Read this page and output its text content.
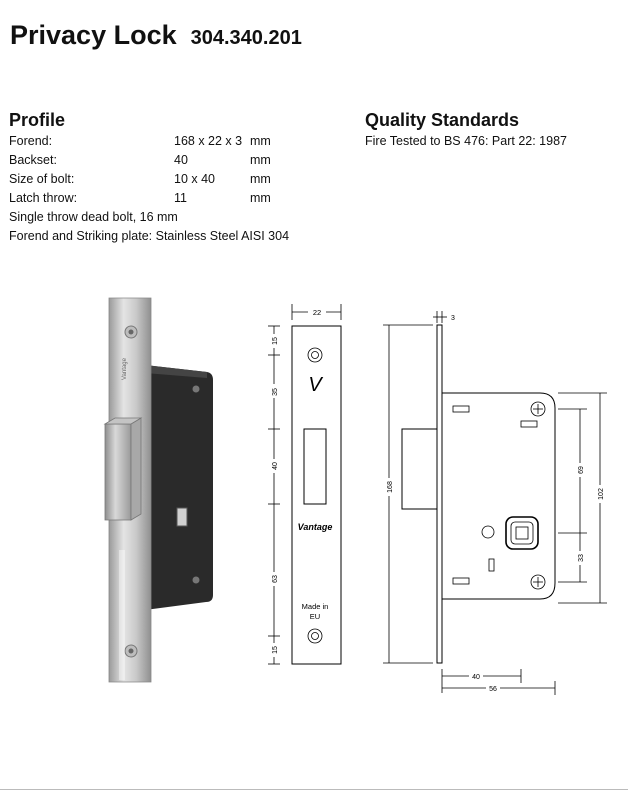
Privacy Lock 304.340.201
Profile
Forend:	168 x 22 x 3 mm
Backset:	40	mm
Size of bolt:	10 x 40	mm
Latch throw:	11	mm
Single throw dead bolt, 16 mm
Forend and Striking plate: Stainless Steel AISI 304
Quality Standards
Fire Tested to BS 476: Part 22: 1987
Vantage
22
15
35
40
63
15
V
Vantage
Made in
EU
3
168
69
102
33
40
56
